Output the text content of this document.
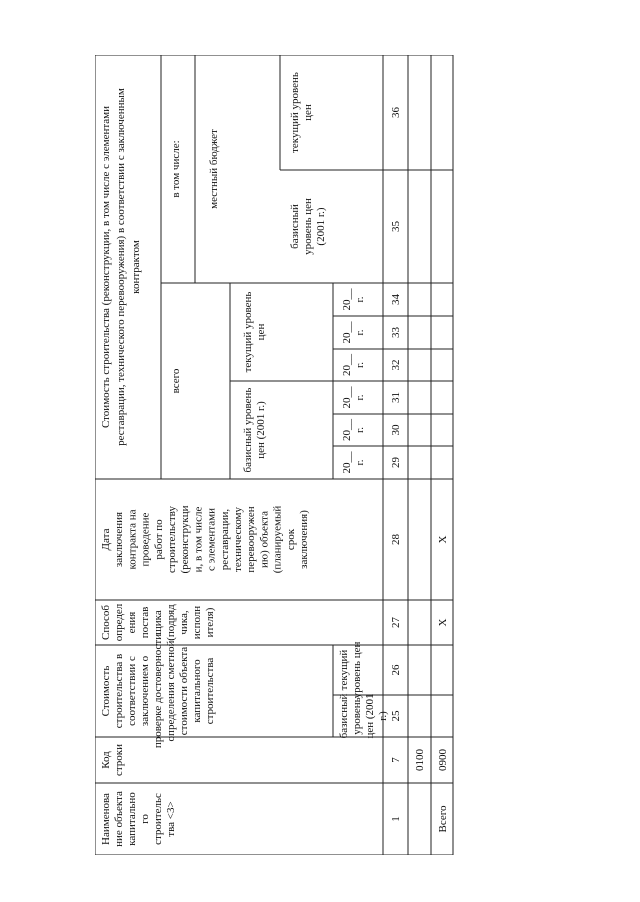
Наименование объектакапитальногостроительства <3>
Кодстроки
Стоимостьстроительства всоответствии сзаключением опроверке достоверностиопределения сметнойстоимости объектакапитальногостроительства	базисныйуровеньцен (2001г.)
текущийуровень цен
Способопределенияпоставщика(подрядчика,исполнителя)
Датазаключенияконтракта напроведениеработ построительству(реконструкции, в том числес элементамиреставрации,техническомуперевооружению) объекта(планируемыйсрокзаключения)
Стоимость строительства (реконструкции, в том числе с элементами реставрации, технического перевооружения) в соответствии с заключенным контрактом
всего
базисный уровеньцен (2001 г.)
текущий уровеньцен
20__г.
20__г.
20__г.
20__г.
20__г.
20__г.
в том числе: местный бюджет
базисныйуровень цен(2001 г.)
текущий уровеньцен
1
7
25
26
27
28
29
30
31
32
33
34
35
36
0100
Всего
0900
X
X
